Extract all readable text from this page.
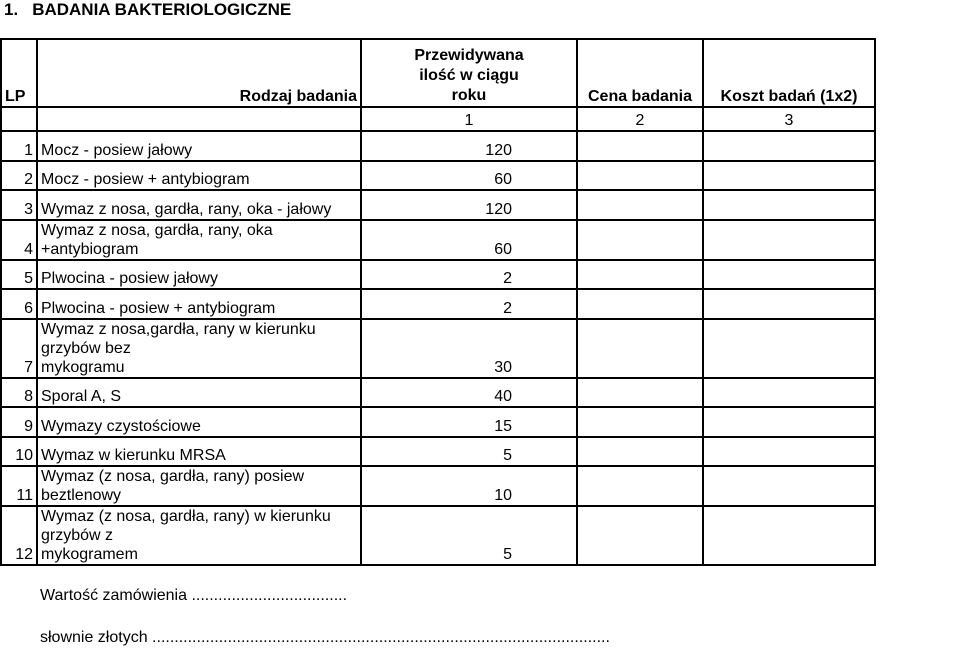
1. BADANIA BAKTERIOLOGICZNE
LP	Rodzaj badania	Przewidywana
ilość w ciągu
roku	Cena badania	Koszt badań (1x2)
		1	2	3
1	Mocz - posiew jałowy	120		
2	Mocz - posiew + antybiogram	60		
3	Wymaz z nosa, gardła, rany, oka - jałowy	120		
4	Wymaz z nosa, gardła, rany, oka +antybiogram	60		
5	Plwocina - posiew jałowy	2		
6	Plwocina - posiew + antybiogram	2		
7	Wymaz z nosa,gardła, rany w kierunku grzybów bez
mykogramu	30		
8	Sporal A, S	40		
9	Wymazy czystościowe	15		
10	Wymaz w kierunku MRSA	5		
11	Wymaz (z nosa, gardła, rany) posiew beztlenowy	10		
12	Wymaz (z nosa, gardła, rany) w kierunku grzybów z
mykogramem	5		
Wartość zamówienia ...................................
słownie złotych .......................................................................................................
